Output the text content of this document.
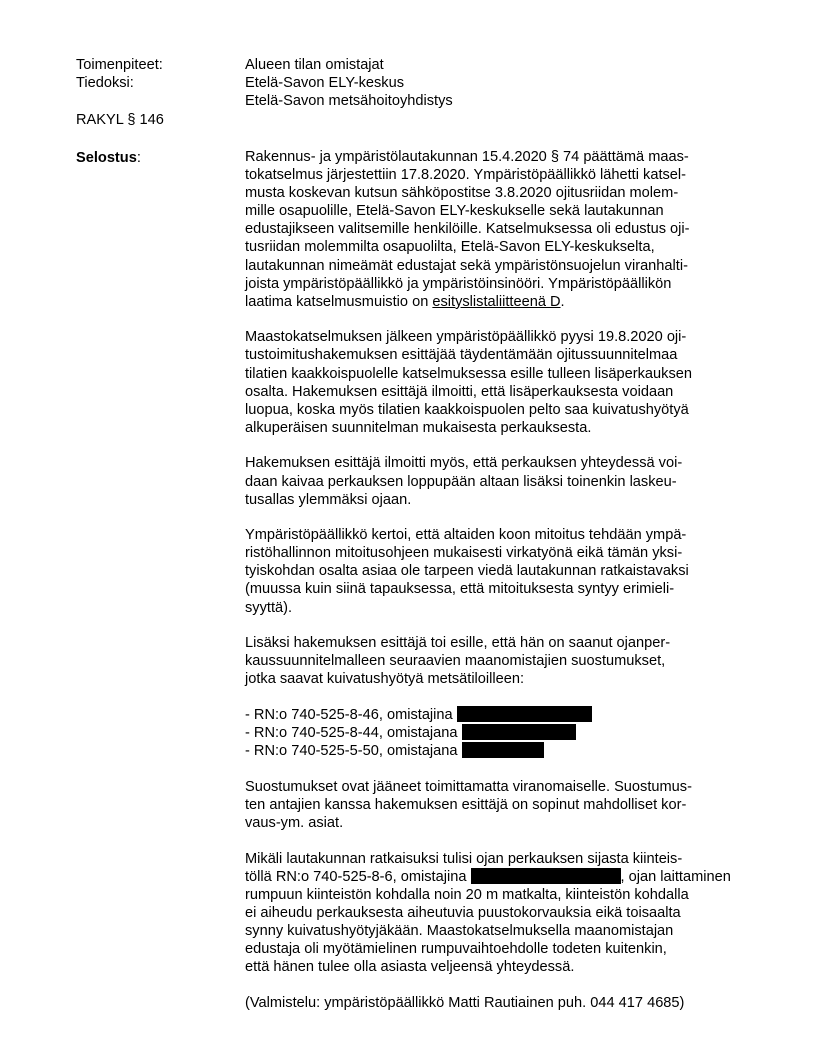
Toimenpiteet:	Alueen tilan omistajat
Tiedoksi:	Etelä-Savon ELY-keskus
Etelä-Savon metsähoitoyhdistys
RAKYL § 146
Selostus:	Rakennus- ja ympäristölautakunnan 15.4.2020 § 74 päättämä maas-
tokatselmus järjestettiin 17.8.2020. Ympäristöpäällikkö lähetti katsel-
musta koskevan kutsun sähköpostitse 3.8.2020 ojitusriidan molem-
mille osapuolille, Etelä-Savon ELY-keskukselle sekä lautakunnan
edustajikseen valitsemille henkilöille. Katselmuksessa oli edustus oji-
tusriidan molemmilta osapuolilta, Etelä-Savon ELY-keskukselta,
lautakunnan nimeämät edustajat sekä ympäristönsuojelun viranhalti-
joista ympäristöpäällikkö ja ympäristöinsinööri. Ympäristöpäällikön
laatima katselmusmuistio on esityslistaliitteenä D.
Maastokatselmuksen jälkeen ympäristöpäällikkö pyysi 19.8.2020 oji-
tustoimitushakemuksen esittäjää täydentämään ojitussuunnitelmaa
tilatien kaakkoispuolelle katselmuksessa esille tulleen lisäperkauksen
osalta. Hakemuksen esittäjä ilmoitti, että lisäperkauksesta voidaan
luopua, koska myös tilatien kaakkoispuolen pelto saa kuivatushyötyä
alkuperäisen suunnitelman mukaisesta perkauksesta.
Hakemuksen esittäjä ilmoitti myös, että perkauksen yhteydessä voi-
daan kaivaa perkauksen loppupään altaan lisäksi toinenkin laskeu-
tusallas ylemmäksi ojaan.
Ympäristöpäällikkö kertoi, että altaiden koon mitoitus tehdään ympä-
ristöhallinnon mitoitusohjeen mukaisesti virkatyönä eikä tämän yksi-
tyiskohdan osalta asiaa ole tarpeen viedä lautakunnan ratkaistavaksi
(muussa kuin siinä tapauksessa, että mitoituksesta syntyy erimieli-
syyttä).
Lisäksi hakemuksen esittäjä toi esille, että hän on saanut ojanper-
kaussuunnitelmalleen seuraavien maanomistajien suostumukset,
jotka saavat kuivatushyötyä metsätiloilleen:
- RN:o 740-525-8-46, omistajina
- RN:o 740-525-8-44, omistajana
- RN:o 740-525-5-50, omistajana
Suostumukset ovat jääneet toimittamatta viranomaiselle. Suostumus-
ten antajien kanssa hakemuksen esittäjä on sopinut mahdolliset kor-
vaus-ym. asiat.
Mikäli lautakunnan ratkaisuksi tulisi ojan perkauksen sijasta kiinteis-
töllä RN:o 740-525-8-6, omistajina	, ojan laittaminen
rumpuun kiinteistön kohdalla noin 20 m matkalta, kiinteistön kohdalla
ei aiheudu perkauksesta aiheutuvia puustokorvauksia eikä toisaalta
synny kuivatushyötyjäkään. Maastokatselmuksella maanomistajan
edustaja oli myötämielinen rumpuvaihtoehdolle todeten kuitenkin,
että hänen tulee olla asiasta veljeensä yhteydessä.
(Valmistelu: ympäristöpäällikkö Matti Rautiainen puh. 044 417 4685)
